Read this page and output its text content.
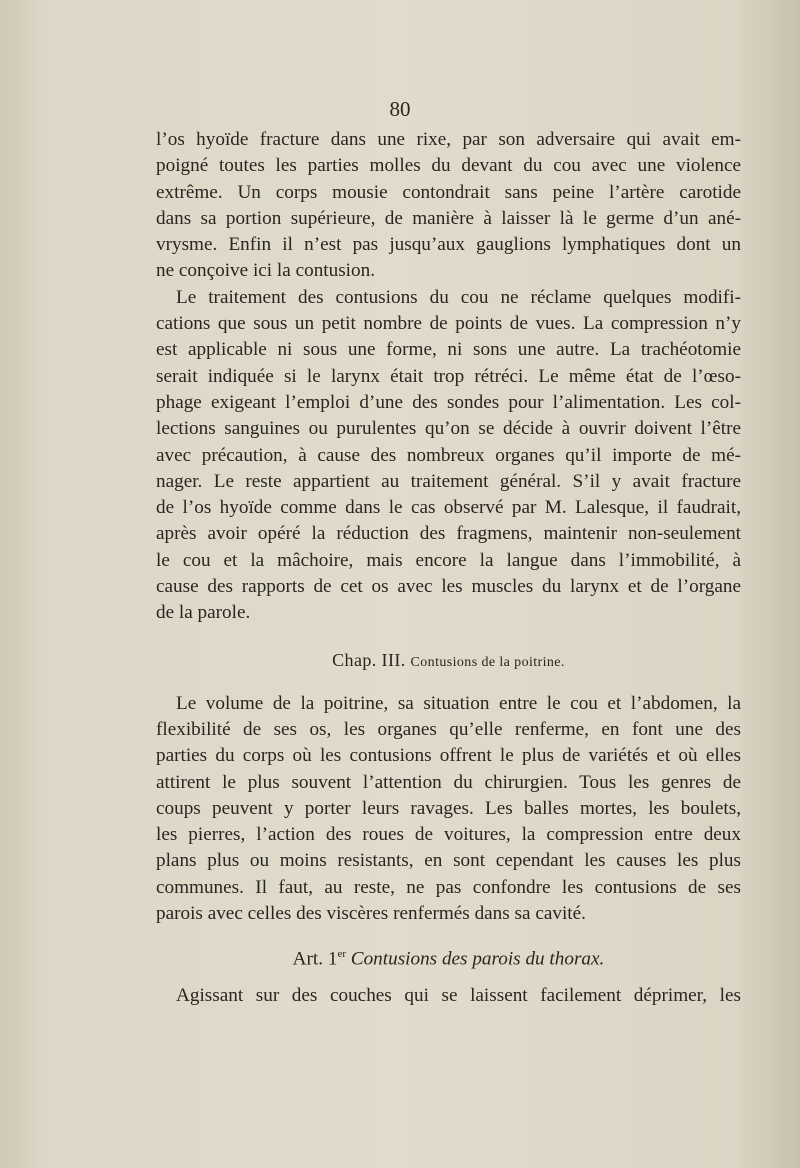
80
l’os hyoïde fracture dans une rixe, par son adversaire qui avait em-
poigné toutes les parties molles du devant du cou avec une violence
extrême. Un corps mousie contondrait sans peine l’artère carotide
dans sa portion supérieure, de manière à laisser là le germe d’un ané-
vrysme. Enfin il n’est pas jusqu’aux gauglions lymphatiques dont un
ne conçoive ici la contusion.
Le traitement des contusions du cou ne réclame quelques modifi-
cations que sous un petit nombre de points de vues. La compression n’y
est applicable ni sous une forme, ni sons une autre. La trachéotomie
serait indiquée si le larynx était trop rétréci. Le même état de l’œso-
phage exigeant l’emploi d’une des sondes pour l’alimentation. Les col-
lections sanguines ou purulentes qu’on se décide à ouvrir doivent l’être
avec précaution, à cause des nombreux organes qu’il importe de mé-
nager. Le reste appartient au traitement général. S’il y avait fracture
de l’os hyoïde comme dans le cas observé par M. Lalesque, il faudrait,
après avoir opéré la réduction des fragmens, maintenir non-seulement
le cou et la mâchoire, mais encore la langue dans l’immobilité, à
cause des rapports de cet os avec les muscles du larynx et de l’organe
de la parole.
Chap. III. Contusions de la poitrine.
Le volume de la poitrine, sa situation entre le cou et l’abdomen, la
flexibilité de ses os, les organes qu’elle renferme, en font une des
parties du corps où les contusions offrent le plus de variétés et où elles
attirent le plus souvent l’attention du chirurgien. Tous les genres de
coups peuvent y porter leurs ravages. Les balles mortes, les boulets,
les pierres, l’action des roues de voitures, la compression entre deux
plans plus ou moins resistants, en sont cependant les causes les plus
communes. Il faut, au reste, ne pas confondre les contusions de ses
parois avec celles des viscères renfermés dans sa cavité.
Art. 1er Contusions des parois du thorax.
Agissant sur des couches qui se laissent facilement déprimer, les
